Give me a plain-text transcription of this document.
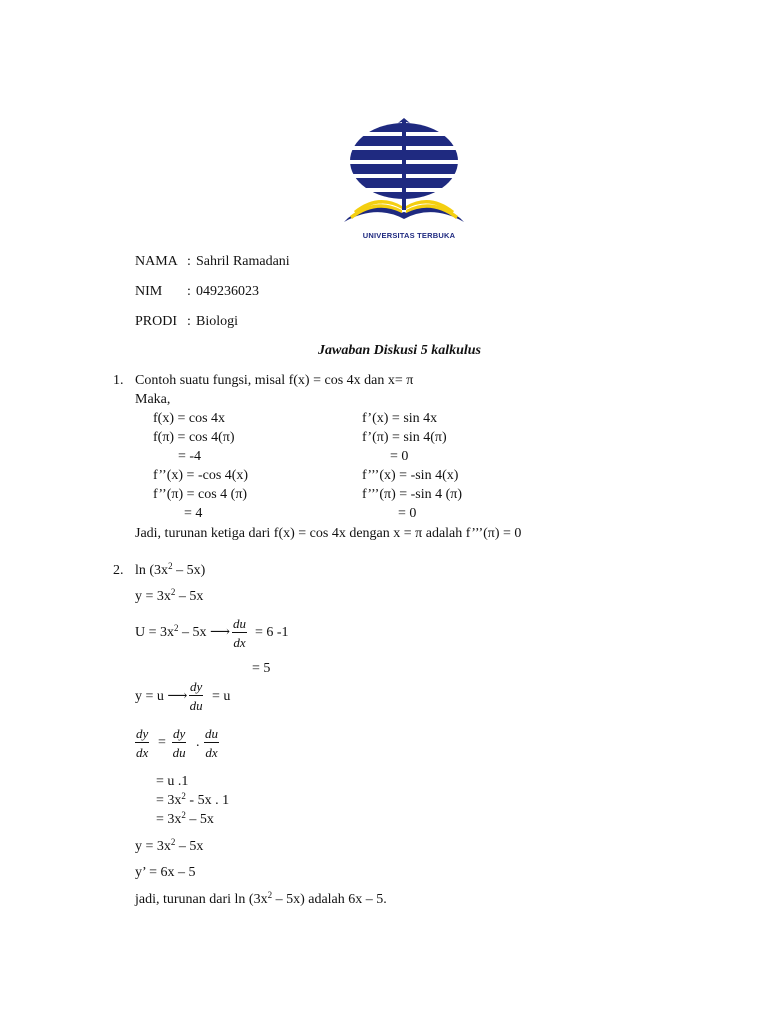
UNIVERSITAS TERBUKA
NAMA : Sahril Ramadani
NIM : 049236023
PRODI : Biologi
Jawaban Diskusi 5 kalkulus
1. Contoh suatu fungsi, misal f(x) = cos 4x dan x= π
Maka,
f(x) = cos 4x
f(π) = cos 4(π)
= -4
f’’(x) = -cos 4(x)
f’’(π) = cos 4 (π)
= 4
f’(x) = sin 4x
f’(π) = sin 4(π)
= 0
f’’’(x) = -sin 4(x)
f’’’(π) = -sin 4 (π)
= 0
Jadi, turunan ketiga dari f(x) = cos 4x dengan x = π adalah f’’’(π) = 0
2. $\ln (3x^2 - 5x)$
$y = 3x^2 - 5x$
$U = 3x^2 - 5x$ ⟶ $\frac{du}{dx} = 6$ -1
= 5
y = u ⟶ $\frac{dy}{du} = u$
$\frac{dy}{dx} = \frac{dy}{du}$ . $\frac{du}{dx}$
= u .1
= $3x^2 - 5x$ . 1
= $3x^2 - 5x$
$y = 3x^2 - 5x$
y’ = 6x – 5
jadi, turunan dari $\ln (3x^2 - 5x)$ adalah 6x – 5.
